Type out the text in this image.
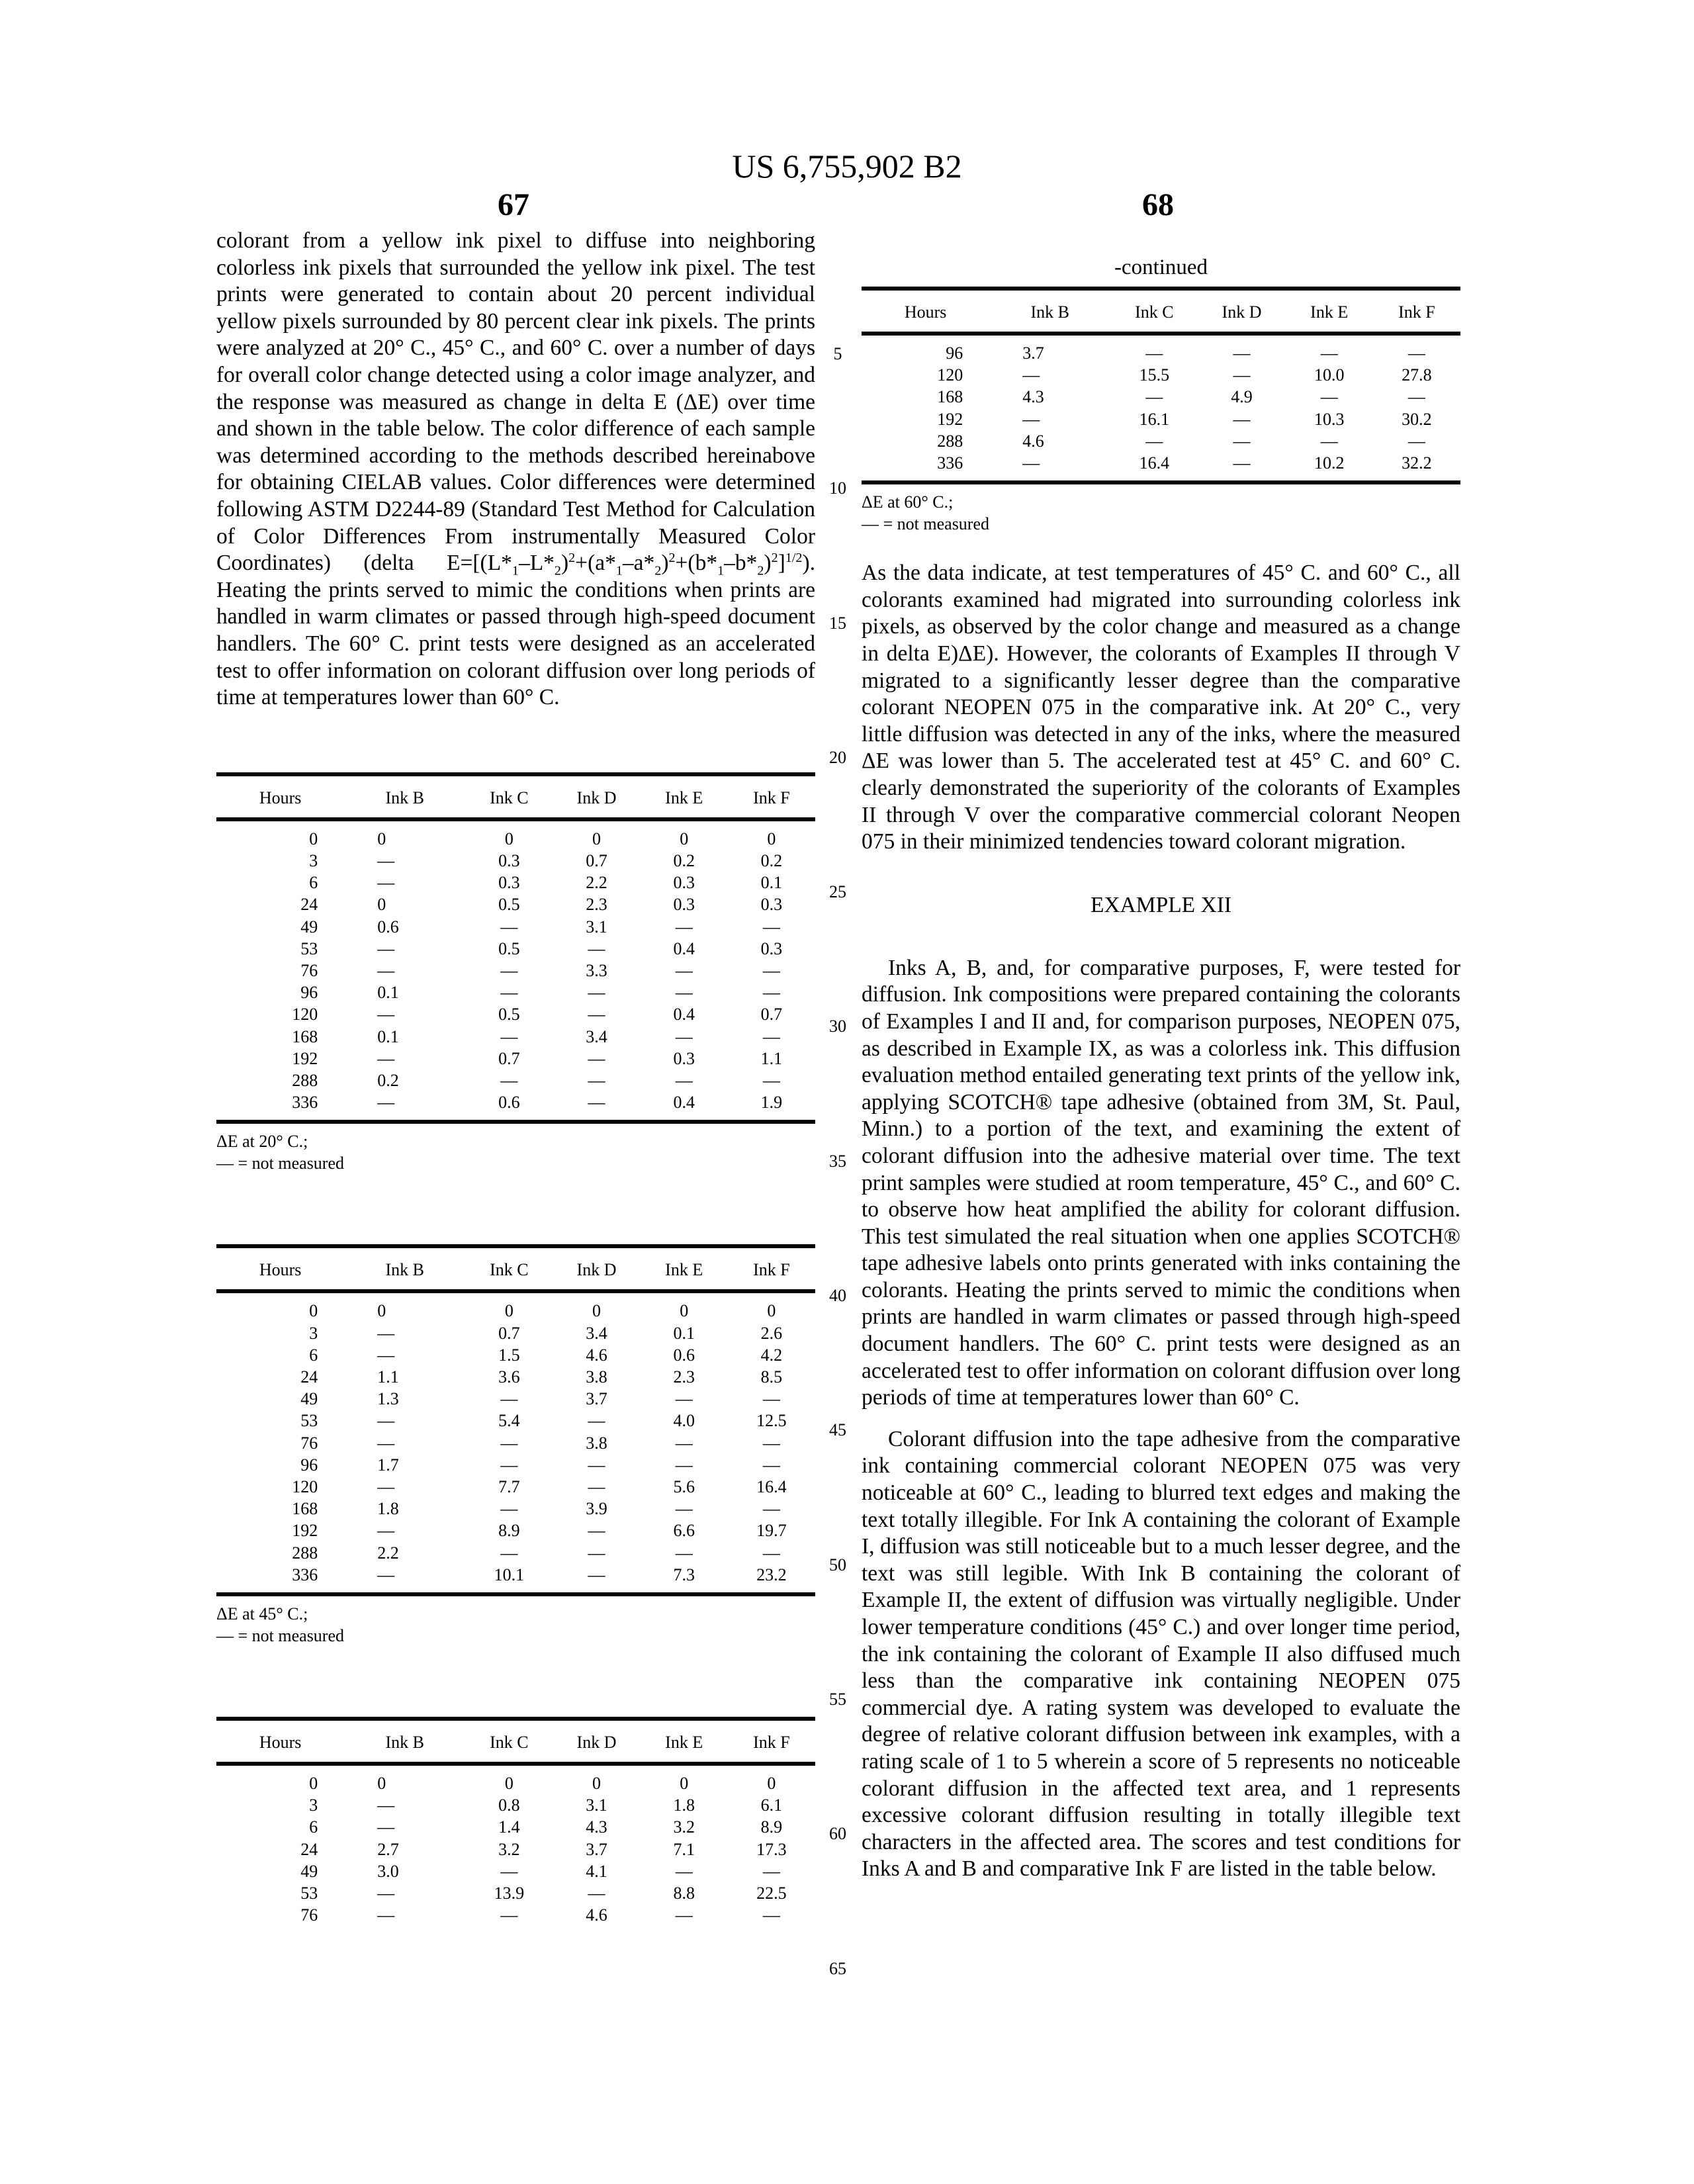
US 6,755,902 B2
67	68
5
10
15
20
25
30
35
40
45
50
55
60
65

colorant from a yellow ink pixel to diffuse into neighboring colorless ink pixels that surrounded the yellow ink pixel. The test prints were generated to contain about 20 percent individual yellow pixels surrounded by 80 percent clear ink pixels. The prints were analyzed at 20° C., 45° C., and 60° C. over a number of days for overall color change detected using a color image analyzer, and the response was measured as change in delta E (ΔE) over time and shown in the table below. The color difference of each sample was determined according to the methods described hereinabove for obtaining CIELAB values. Color differences were determined following ASTM D2244-89 (Standard Test Method for Calculation of Color Differences From instrumentally Measured Color Coordinates) (delta $E=[(L*_1-L*_2)^2+(a*_1-a*_2)^2+(b*_1-b*_2)^2]^{1/2}$). Heating the prints served to mimic the conditions when prints are handled in warm climates or passed through high-speed document handlers. The 60° C. print tests were designed as an accelerated test to offer information on colorant diffusion over long periods of time at temperatures lower than 60° C.

Hours	Ink B	Ink C	Ink D	Ink E	Ink F
0	0	0	0	0	0
3	—	0.3	0.7	0.2	0.2
6	—	0.3	2.2	0.3	0.1
24	0	0.5	2.3	0.3	0.3
49	0.6	—	3.1	—	—
53	—	0.5	—	0.4	0.3
76	—	—	3.3	—	—
96	0.1	—	—	—	—
120	—	0.5	—	0.4	0.7
168	0.1	—	3.4	—	—
192	—	0.7	—	0.3	1.1
288	0.2	—	—	—	—
336	—	0.6	—	0.4	1.9

ΔE at 20° C.;
— = not measured
Hours	Ink B	Ink C	Ink D	Ink E	Ink F
0	0	0	0	0	0
3	—	0.7	3.4	0.1	2.6
6	—	1.5	4.6	0.6	4.2
24	1.1	3.6	3.8	2.3	8.5
49	1.3	—	3.7	—	—
53	—	5.4	—	4.0	12.5
76	—	—	3.8	—	—
96	1.7	—	—	—	—
120	—	7.7	—	5.6	16.4
168	1.8	—	3.9	—	—
192	—	8.9	—	6.6	19.7
288	2.2	—	—	—	—
336	—	10.1	—	7.3	23.2

ΔE at 45° C.;
— = not measured
Hours	Ink B	Ink C	Ink D	Ink E	Ink F
0	0	0	0	0	0
3	—	0.8	3.1	1.8	6.1
6	—	1.4	4.3	3.2	8.9
24	2.7	3.2	3.7	7.1	17.3
49	3.0	—	4.1	—	—
53	—	13.9	—	8.8	22.5
76	—	—	4.6	—	—
-continued
Hours	Ink B	Ink C	Ink D	Ink E	Ink F
96	3.7	—	—	—	—
120	—	15.5	—	10.0	27.8
168	4.3	—	4.9	—	—
192	—	16.1	—	10.3	30.2
288	4.6	—	—	—	—
336	—	16.4	—	10.2	32.2

ΔE at 60° C.;
— = not measured

As the data indicate, at test temperatures of 45° C. and 60° C., all colorants examined had migrated into surrounding colorless ink pixels, as observed by the color change and measured as a change in delta E)ΔE). However, the colorants of Examples II through V migrated to a significantly lesser degree than the comparative colorant NEOPEN 075 in the comparative ink. At 20° C., very little diffusion was detected in any of the inks, where the measured ΔE was lower than 5. The accelerated test at 45° C. and 60° C. clearly demonstrated the superiority of the colorants of Examples II through V over the comparative commercial colorant Neopen 075 in their minimized tendencies toward colorant migration.

EXAMPLE XII

Inks A, B, and, for comparative purposes, F, were tested for diffusion. Ink compositions were prepared containing the colorants of Examples I and II and, for comparison purposes, NEOPEN 075, as described in Example IX, as was a colorless ink. This diffusion evaluation method entailed generating text prints of the yellow ink, applying SCOTCH® tape adhesive (obtained from 3M, St. Paul, Minn.) to a portion of the text, and examining the extent of colorant diffusion into the adhesive material over time. The text print samples were studied at room temperature, 45° C., and 60° C. to observe how heat amplified the ability for colorant diffusion. This test simulated the real situation when one applies SCOTCH® tape adhesive labels onto prints generated with inks containing the colorants. Heating the prints served to mimic the conditions when prints are handled in warm climates or passed through high-speed document handlers. The 60° C. print tests were designed as an accelerated test to offer information on colorant diffusion over long periods of time at temperatures lower than 60° C.

Colorant diffusion into the tape adhesive from the comparative ink containing commercial colorant NEOPEN 075 was very noticeable at 60° C., leading to blurred text edges and making the text totally illegible. For Ink A containing the colorant of Example I, diffusion was still noticeable but to a much lesser degree, and the text was still legible. With Ink B containing the colorant of Example II, the extent of diffusion was virtually negligible. Under lower temperature conditions (45° C.) and over longer time period, the ink containing the colorant of Example II also diffused much less than the comparative ink containing NEOPEN 075 commercial dye. A rating system was developed to evaluate the degree of relative colorant diffusion between ink examples, with a rating scale of 1 to 5 wherein a score of 5 represents no noticeable colorant diffusion in the affected text area, and 1 represents excessive colorant diffusion resulting in totally illegible text characters in the affected area. The scores and test conditions for Inks A and B and comparative Ink F are listed in the table below.
